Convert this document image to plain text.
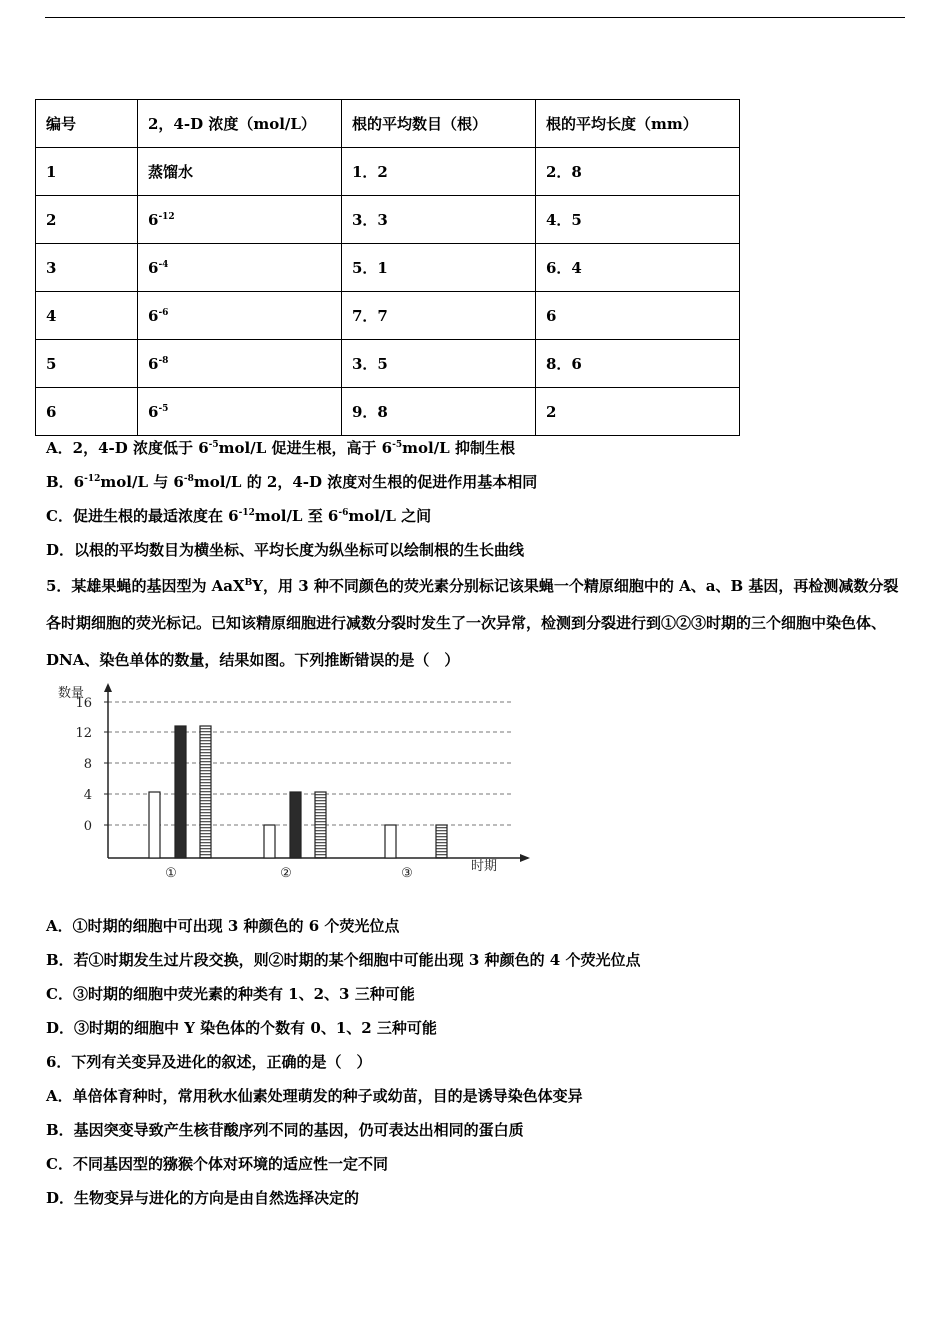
编号	2，4-D 浓度（mol/L）	根的平均数目（根）	根的平均长度（mm）
1	蒸馏水	1．2	2．8
2	$6^{-12}$	3．3	4．5
3	$6^{-4}$	5．1	6．4
4	$6^{-6}$	7．7	6
5	$6^{-8}$	3．5	8．6
6	$6^{-5}$	9．8	2
A．2，4-D 浓度低于 $6^{-5}mol/L$ 促进生根，高于 $6^{-5}mol/L$ 抑制生根
B．$6^{-12}mol/L$ 与 $6^{-8}mol/L$ 的 2，4-D 浓度对生根的促进作用基本相同
C．促进生根的最适浓度在 $6^{-12}mol/L$ 至 $6^{-6}mol/L$ 之间
D．以根的平均数目为横坐标、平均长度为纵坐标可以绘制根的生长曲线
5．某雄果蝇的基因型为 AaX$^B$Y，用 3 种不同颜色的荧光素分别标记该果蝇一个精原细胞中的 A、a、B 基因，再检测减数分裂各时期细胞的荧光标记。已知该精原细胞进行减数分裂时发生了一次异常，检测到分裂进行到①②③时期的三个细胞中染色体、DNA、染色单体的数量，结果如图。下列推断错误的是（　）
0
4
8
12
16
数量
时期
①	②	③
A．①时期的细胞中可出现 3 种颜色的 6 个荧光位点
B．若①时期发生过片段交换，则②时期的某个细胞中可能出现 3 种颜色的 4 个荧光位点
C．③时期的细胞中荧光素的种类有 1、2、3 三种可能
D．③时期的细胞中 Y 染色体的个数有 0、1、2 三种可能
6．下列有关变异及进化的叙述，正确的是（　）
A．单倍体育种时，常用秋水仙素处理萌发的种子或幼苗，目的是诱导染色体变异
B．基因突变导致产生核苷酸序列不同的基因，仍可表达出相同的蛋白质
C．不同基因型的猕猴个体对环境的适应性一定不同
D．生物变异与进化的方向是由自然选择决定的
